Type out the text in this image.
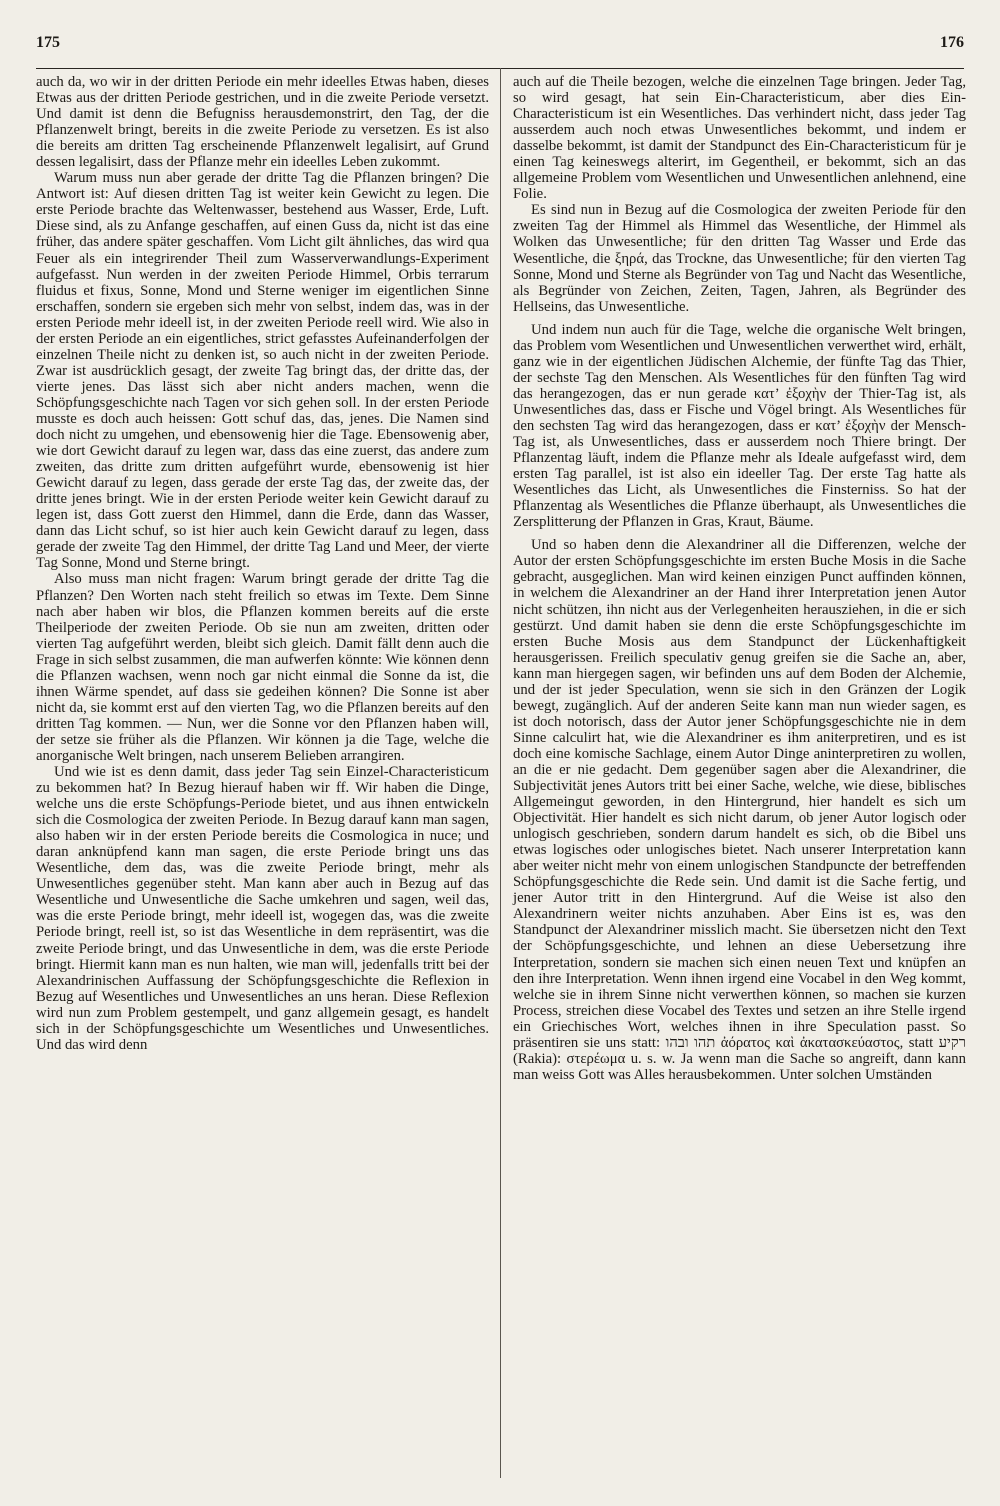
175	176

auch da, wo wir in der dritten Periode ein mehr ideelles Etwas haben, dieses Etwas aus der dritten Periode gestrichen, und in die zweite Periode versetzt. Und damit ist denn die Befugniss herausdemonstrirt, den Tag, der die Pflanzenwelt bringt, bereits in die zweite Periode zu versetzen. Es ist also die bereits am dritten Tag erscheinende Pflanzenwelt legalisirt, auf Grund dessen legalisirt, dass der Pflanze mehr ein ideelles Leben zukommt.

Warum muss nun aber gerade der dritte Tag die Pflanzen bringen? Die Antwort ist: Auf diesen dritten Tag ist weiter kein Gewicht zu legen. Die erste Periode brachte das Weltenwasser, bestehend aus Wasser, Erde, Luft. Diese sind, als zu Anfange geschaffen, auf einen Guss da, nicht ist das eine früher, das andere später geschaffen. Vom Licht gilt ähnliches, das wird qua Feuer als ein integrirender Theil zum Wasserverwandlungs-Experiment aufgefasst. Nun werden in der zweiten Periode Himmel, Orbis terrarum fluidus et fixus, Sonne, Mond und Sterne weniger im eigentlichen Sinne erschaffen, sondern sie ergeben sich mehr von selbst, indem das, was in der ersten Periode mehr ideell ist, in der zweiten Periode reell wird. Wie also in der ersten Periode an ein eigentliches, strict gefasstes Aufeinanderfolgen der einzelnen Theile nicht zu denken ist, so auch nicht in der zweiten Periode. Zwar ist ausdrücklich gesagt, der zweite Tag bringt das, der dritte das, der vierte jenes. Das lässt sich aber nicht anders machen, wenn die Schöpfungsgeschichte nach Tagen vor sich gehen soll. In der ersten Periode musste es doch auch heissen: Gott schuf das, das, jenes. Die Namen sind doch nicht zu umgehen, und ebensowenig hier die Tage. Ebensowenig aber, wie dort Gewicht darauf zu legen war, dass das eine zuerst, das andere zum zweiten, das dritte zum dritten aufgeführt wurde, ebensowenig ist hier Gewicht darauf zu legen, dass gerade der erste Tag das, der zweite das, der dritte jenes bringt. Wie in der ersten Periode weiter kein Gewicht darauf zu legen ist, dass Gott zuerst den Himmel, dann die Erde, dann das Wasser, dann das Licht schuf, so ist hier auch kein Gewicht darauf zu legen, dass gerade der zweite Tag den Himmel, der dritte Tag Land und Meer, der vierte Tag Sonne, Mond und Sterne bringt.

Also muss man nicht fragen: Warum bringt gerade der dritte Tag die Pflanzen? Den Worten nach steht freilich so etwas im Texte. Dem Sinne nach aber haben wir blos, die Pflanzen kommen bereits auf die erste Theilperiode der zweiten Periode. Ob sie nun am zweiten, dritten oder vierten Tag aufgeführt werden, bleibt sich gleich. Damit fällt denn auch die Frage in sich selbst zusammen, die man aufwerfen könnte: Wie können denn die Pflanzen wachsen, wenn noch gar nicht einmal die Sonne da ist, die ihnen Wärme spendet, auf dass sie gedeihen können? Die Sonne ist aber nicht da, sie kommt erst auf den vierten Tag, wo die Pflanzen bereits auf den dritten Tag kommen. — Nun, wer die Sonne vor den Pflanzen haben will, der setze sie früher als die Pflanzen. Wir können ja die Tage, welche die anorganische Welt bringen, nach unserem Belieben arrangiren.

Und wie ist es denn damit, dass jeder Tag sein Einzel-Characteristicum zu bekommen hat? In Bezug hierauf haben wir ff. Wir haben die Dinge, welche uns die erste Schöpfungs-Periode bietet, und aus ihnen entwickeln sich die Cosmologica der zweiten Periode. In Bezug darauf kann man sagen, also haben wir in der ersten Periode bereits die Cosmologica in nuce; und daran anknüpfend kann man sagen, die erste Periode bringt uns das Wesentliche, dem das, was die zweite Periode bringt, mehr als Unwesentliches gegenüber steht. Man kann aber auch in Bezug auf das Wesentliche und Unwesentliche die Sache umkehren und sagen, weil das, was die erste Periode bringt, mehr ideell ist, wogegen das, was die zweite Periode bringt, reell ist, so ist das Wesentliche in dem repräsentirt, was die zweite Periode bringt, und das Unwesentliche in dem, was die erste Periode bringt. Hiermit kann man es nun halten, wie man will, jedenfalls tritt bei der Alexandrinischen Auffassung der Schöpfungsgeschichte die Reflexion in Bezug auf Wesentliches und Unwesentliches an uns heran. Diese Reflexion wird nun zum Problem gestempelt, und ganz allgemein gesagt, es handelt sich in der Schöpfungsgeschichte um Wesentliches und Unwesentliches. Und das wird denn

auch auf die Theile bezogen, welche die einzelnen Tage bringen. Jeder Tag, so wird gesagt, hat sein Ein-Characteristicum, aber dies Ein-Characteristicum ist ein Wesentliches. Das verhindert nicht, dass jeder Tag ausserdem auch noch etwas Unwesentliches bekommt, und indem er dasselbe bekommt, ist damit der Standpunct des Ein-Characteristicum für je einen Tag keineswegs alterirt, im Gegentheil, er bekommt, sich an das allgemeine Problem vom Wesentlichen und Unwesentlichen anlehnend, eine Folie.

Es sind nun in Bezug auf die Cosmologica der zweiten Periode für den zweiten Tag der Himmel als Himmel das Wesentliche, der Himmel als Wolken das Unwesentliche; für den dritten Tag Wasser und Erde das Wesentliche, die ξηρά, das Trockne, das Unwesentliche; für den vierten Tag Sonne, Mond und Sterne als Begründer von Tag und Nacht das Wesentliche, als Begründer von Zeichen, Zeiten, Tagen, Jahren, als Begründer des Hellseins, das Unwesentliche.

Und indem nun auch für die Tage, welche die organische Welt bringen, das Problem vom Wesentlichen und Unwesentlichen verwerthet wird, erhält, ganz wie in der eigentlichen Jüdischen Alchemie, der fünfte Tag das Thier, der sechste Tag den Menschen. Als Wesentliches für den fünften Tag wird das herangezogen, das er nun gerade κατ’ ἐξοχὴν der Thier-Tag ist, als Unwesentliches das, dass er Fische und Vögel bringt. Als Wesentliches für den sechsten Tag wird das herangezogen, dass er κατ’ ἐξοχὴν der Mensch-Tag ist, als Unwesentliches, dass er ausserdem noch Thiere bringt. Der Pflanzentag läuft, indem die Pflanze mehr als Ideale aufgefasst wird, dem ersten Tag parallel, ist ist also ein ideeller Tag. Der erste Tag hatte als Wesentliches das Licht, als Unwesentliches die Finsterniss. So hat der Pflanzentag als Wesentliches die Pflanze überhaupt, als Unwesentliches die Zersplitterung der Pflanzen in Gras, Kraut, Bäume.

Und so haben denn die Alexandriner all die Differenzen, welche der Autor der ersten Schöpfungsgeschichte im ersten Buche Mosis in die Sache gebracht, ausgeglichen. Man wird keinen einzigen Punct auffinden können, in welchem die Alexandriner an der Hand ihrer Interpretation jenen Autor nicht schützen, ihn nicht aus der Verlegenheiten herausziehen, in die er sich gestürzt. Und damit haben sie denn die erste Schöpfungsgeschichte im ersten Buche Mosis aus dem Standpunct der Lückenhaftigkeit herausgerissen. Freilich speculativ genug greifen sie die Sache an, aber, kann man hiergegen sagen, wir befinden uns auf dem Boden der Alchemie, und der ist jeder Speculation, wenn sie sich in den Gränzen der Logik bewegt, zugänglich. Auf der anderen Seite kann man nun wieder sagen, es ist doch notorisch, dass der Autor jener Schöpfungsgeschichte nie in dem Sinne calculirt hat, wie die Alexandriner es ihm aniterpretiren, und es ist doch eine komische Sachlage, einem Autor Dinge aninterpretiren zu wollen, an die er nie gedacht. Dem gegenüber sagen aber die Alexandriner, die Subjectivität jenes Autors tritt bei einer Sache, welche, wie diese, biblisches Allgemeingut geworden, in den Hintergrund, hier handelt es sich um Objectivität. Hier handelt es sich nicht darum, ob jener Autor logisch oder unlogisch geschrieben, sondern darum handelt es sich, ob die Bibel uns etwas logisches oder unlogisches bietet. Nach unserer Interpretation kann aber weiter nicht mehr von einem unlogischen Standpuncte der betreffenden Schöpfungsgeschichte die Rede sein. Und damit ist die Sache fertig, und jener Autor tritt in den Hintergrund. Auf die Weise ist also den Alexandrinern weiter nichts anzuhaben. Aber Eins ist es, was den Standpunct der Alexandriner misslich macht. Sie übersetzen nicht den Text der Schöpfungsgeschichte, und lehnen an diese Uebersetzung ihre Interpretation, sondern sie machen sich einen neuen Text und knüpfen an den ihre Interpretation. Wenn ihnen irgend eine Vocabel in den Weg kommt, welche sie in ihrem Sinne nicht verwerthen können, so machen sie kurzen Process, streichen diese Vocabel des Textes und setzen an ihre Stelle irgend ein Griechisches Wort, welches ihnen in ihre Speculation passt. So präsentiren sie uns statt: תהו ובהו ἀόρατος καὶ ἀκατασκεύαστος, statt רקיע (Rakia): στερέωμα u. s. w. Ja wenn man die Sache so angreift, dann kann man weiss Gott was Alles herausbekommen. Unter solchen Umständen
